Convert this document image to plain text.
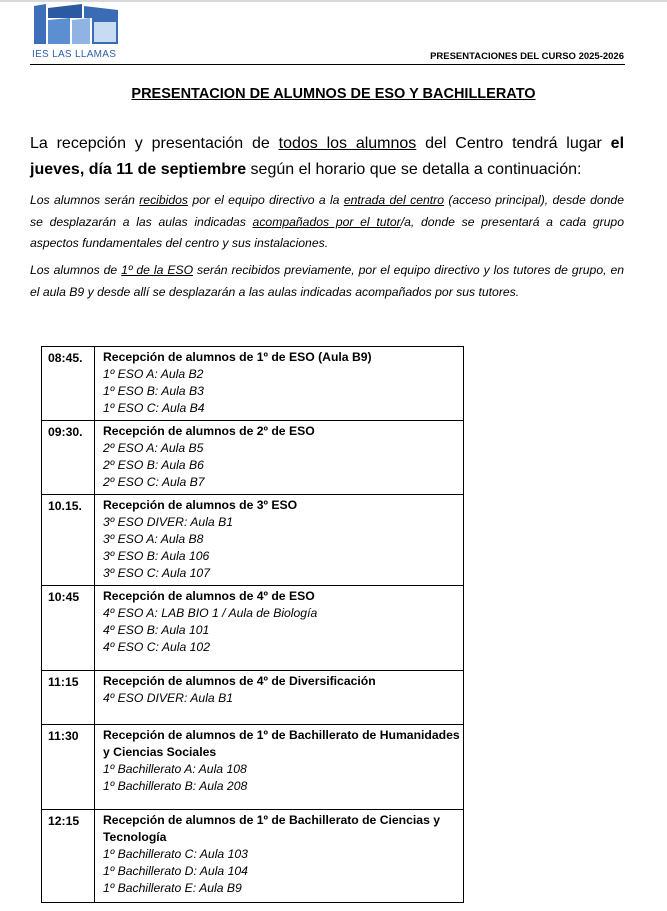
IES LAS LLAMAS	PRESENTACIONES DEL CURSO 2025-2026
PRESENTACION DE ALUMNOS DE ESO Y BACHILLERATO

La recepción y presentación de todos los alumnos del Centro tendrá lugar el jueves, día 11 de septiembre según el horario que se detalla a continuación:

Los alumnos serán recibidos por el equipo directivo a la entrada del centro (acceso principal), desde donde se desplazarán a las aulas indicadas acompañados por el tutor/a, donde se presentará a cada grupo aspectos fundamentales del centro y sus instalaciones.

Los alumnos de 1º de la ESO serán recibidos previamente, por el equipo directivo y los tutores de grupo, en el aula B9 y desde allí se desplazarán a las aulas indicadas acompañados por sus tutores.

08:45.	Recepción de alumnos de 1º de ESO (Aula B9)
1º ESO A: Aula B2
1º ESO B: Aula B3
1º ESO C: Aula B4

09:30.	Recepción de alumnos de 2º de ESO
2º ESO A: Aula B5
2º ESO B: Aula B6
2º ESO C: Aula B7

10.15.	Recepción de alumnos de 3º ESO
3º ESO DIVER: Aula B1
3º ESO A: Aula B8
3º ESO B: Aula 106
3º ESO C: Aula 107

10:45	Recepción de alumnos de 4º de ESO
4º ESO A: LAB BIO 1 / Aula de Biología
4º ESO B: Aula 101
4º ESO C: Aula 102

11:15	Recepción de alumnos de 4º de Diversificación
4º ESO DIVER: Aula B1

11:30	Recepción de alumnos de 1º de Bachillerato de Humanidades y Ciencias Sociales
1º Bachillerato A: Aula 108
1º Bachillerato B: Aula 208

12:15	Recepción de alumnos de 1º de Bachillerato de Ciencias y Tecnología
1º Bachillerato C: Aula 103
1º Bachillerato D: Aula 104
1º Bachillerato E: Aula B9
